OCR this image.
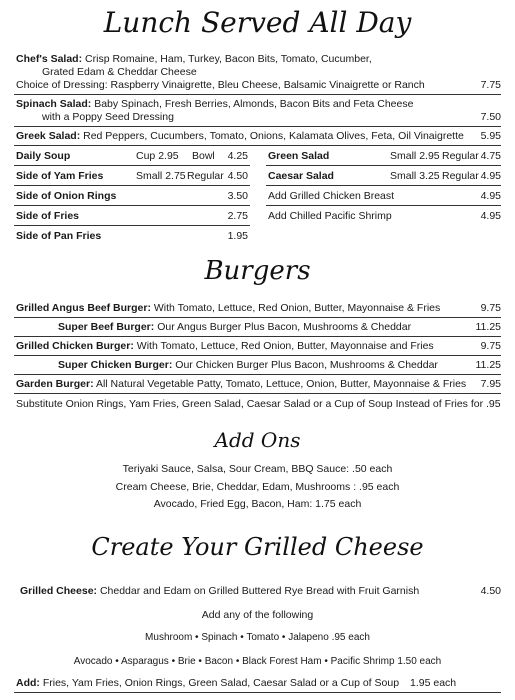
Lunch Served All Day
Chef's Salad: Crisp Romaine, Ham, Turkey, Bacon Bits, Tomato, Cucumber,
Grated Edam & Cheddar Cheese
Choice of Dressing: Raspberry Vinaigrette, Bleu Cheese, Balsamic Vinaigrette or Ranch	7.75
Spinach Salad: Baby Spinach, Fresh Berries, Almonds, Bacon Bits and Feta Cheese
with a Poppy Seed Dressing	7.50
Greek Salad: Red Peppers, Cucumbers, Tomato, Onions, Kalamata Olives, Feta, Oil Vinaigrette 5.95
Daily Soup	Cup 2.95 Bowl 4.25
Side of Yam Fries	Small 2.75 Regular 4.50
Side of Onion Rings	3.50
Side of Fries	2.75
Side of Pan Fries	1.95
Green Salad	Small 2.95 Regular 4.75
Caesar Salad	Small 3.25 Regular 4.95
Add Grilled Chicken Breast	4.95
Add Chilled Pacific Shrimp	4.95
Burgers
Grilled Angus Beef Burger: With Tomato, Lettuce, Red Onion, Butter, Mayonnaise & Fries	9.75
Super Beef Burger: Our Angus Burger Plus Bacon, Mushrooms & Cheddar	11.25
Grilled Chicken Burger: With Tomato, Lettuce, Red Onion, Butter, Mayonnaise and Fries	9.75
Super Chicken Burger: Our Chicken Burger Plus Bacon, Mushrooms & Cheddar	11.25
Garden Burger: All Natural Vegetable Patty, Tomato, Lettuce, Onion, Butter, Mayonnaise & Fries 7.95
Substitute Onion Rings, Yam Fries, Green Salad, Caesar Salad or a Cup of Soup Instead of Fries for .95
Add Ons
Teriyaki Sauce, Salsa, Sour Cream, BBQ Sauce: .50 each
Cream Cheese, Brie, Cheddar, Edam, Mushrooms : .95 each
Avocado, Fried Egg, Bacon, Ham: 1.75 each
Create Your Grilled Cheese
Grilled Cheese: Cheddar and Edam on Grilled Buttered Rye Bread with Fruit Garnish	4.50
Add any of the following
Mushroom • Spinach • Tomato • Jalapeno .95 each
Avocado • Asparagus • Brie • Bacon • Black Forest Ham • Pacific Shrimp 1.50 each
Add: Fries, Yam Fries, Onion Rings, Green Salad, Caesar Salad or a Cup of Soup 1.95 each
